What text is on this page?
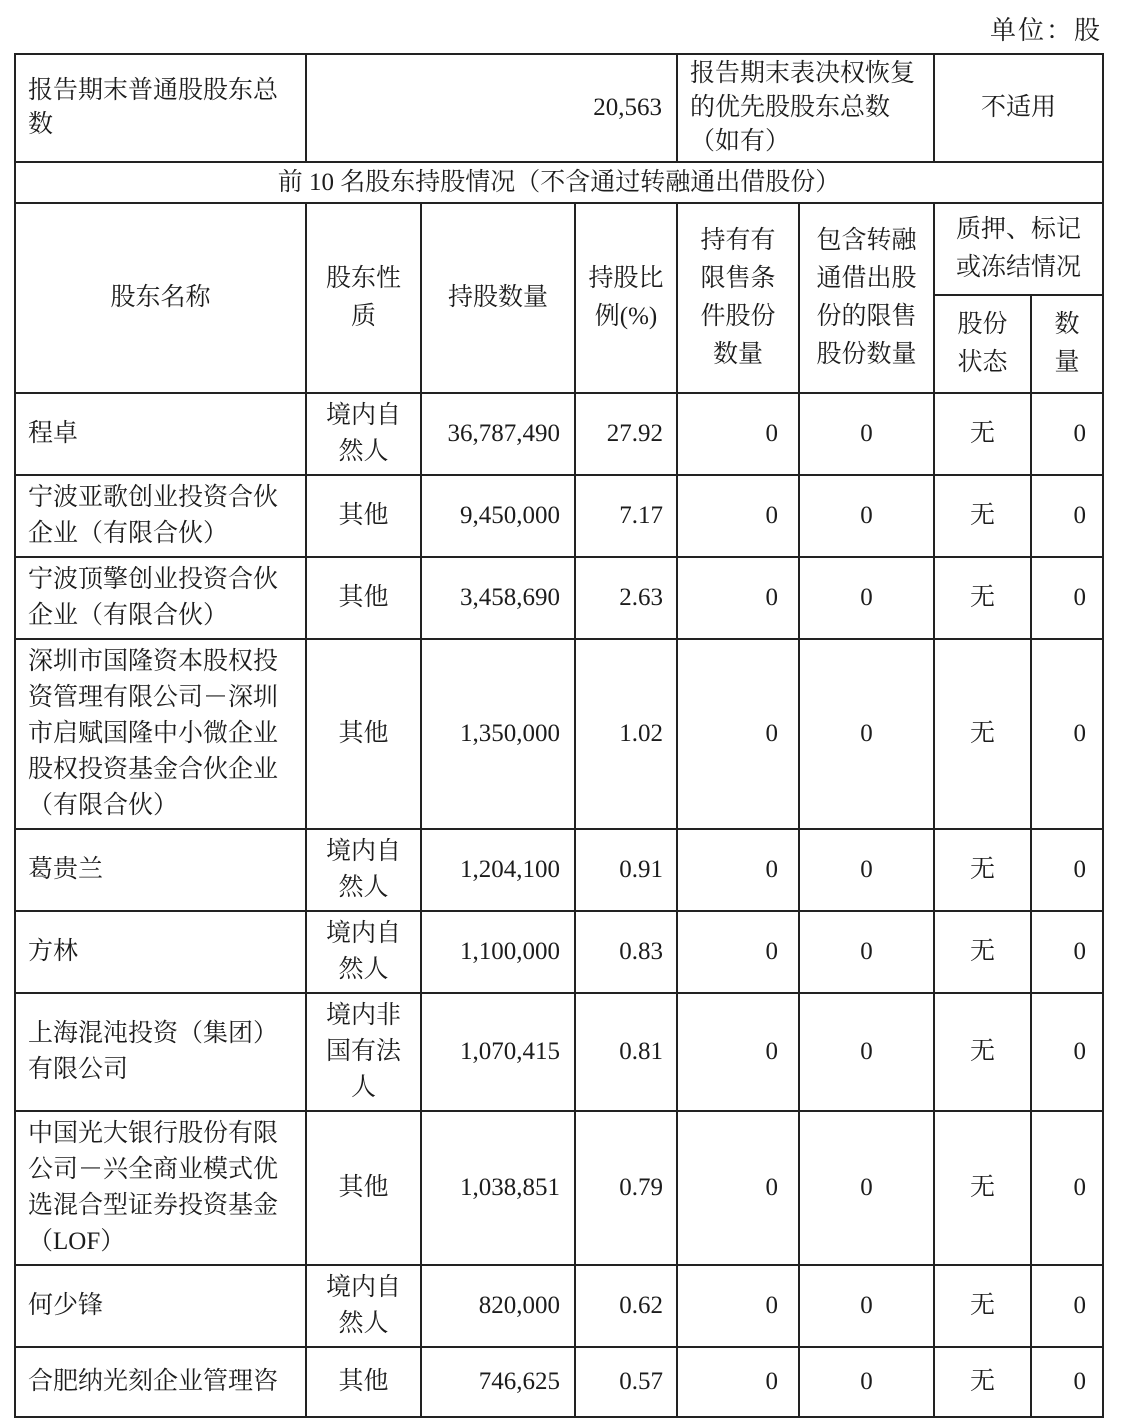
单位：股
报告期末普通股股东总数	20,563			报告期末表决权恢复的优先股股东总数（如有）		不适用	
前 10 名股东持股情况（不含通过转融通出借股份）							
股东名称	股东性质	持股数量	持股比例(%)	持有有限售条件股份数量	包含转融通借出股份的限售股份数量	质押、标记或冻结情况	
						股份状态	数量
程卓	境内自然人	36,787,490	27.92	0	0	无	0
宁波亚歌创业投资合伙企业（有限合伙）	其他	9,450,000	7.17	0	0	无	0
宁波顶擎创业投资合伙企业（有限合伙）	其他	3,458,690	2.63	0	0	无	0
深圳市国隆资本股权投资管理有限公司－深圳市启赋国隆中小微企业股权投资基金合伙企业（有限合伙）	其他	1,350,000	1.02	0	0	无	0
葛贵兰	境内自然人	1,204,100	0.91	0	0	无	0
方林	境内自然人	1,100,000	0.83	0	0	无	0
上海混沌投资（集团）有限公司	境内非国有法人	1,070,415	0.81	0	0	无	0
中国光大银行股份有限公司－兴全商业模式优选混合型证券投资基金（LOF）	其他	1,038,851	0.79	0	0	无	0
何少锋	境内自然人	820,000	0.62	0	0	无	0
合肥纳光刻企业管理咨	其他	746,625	0.57	0	0	无	0
